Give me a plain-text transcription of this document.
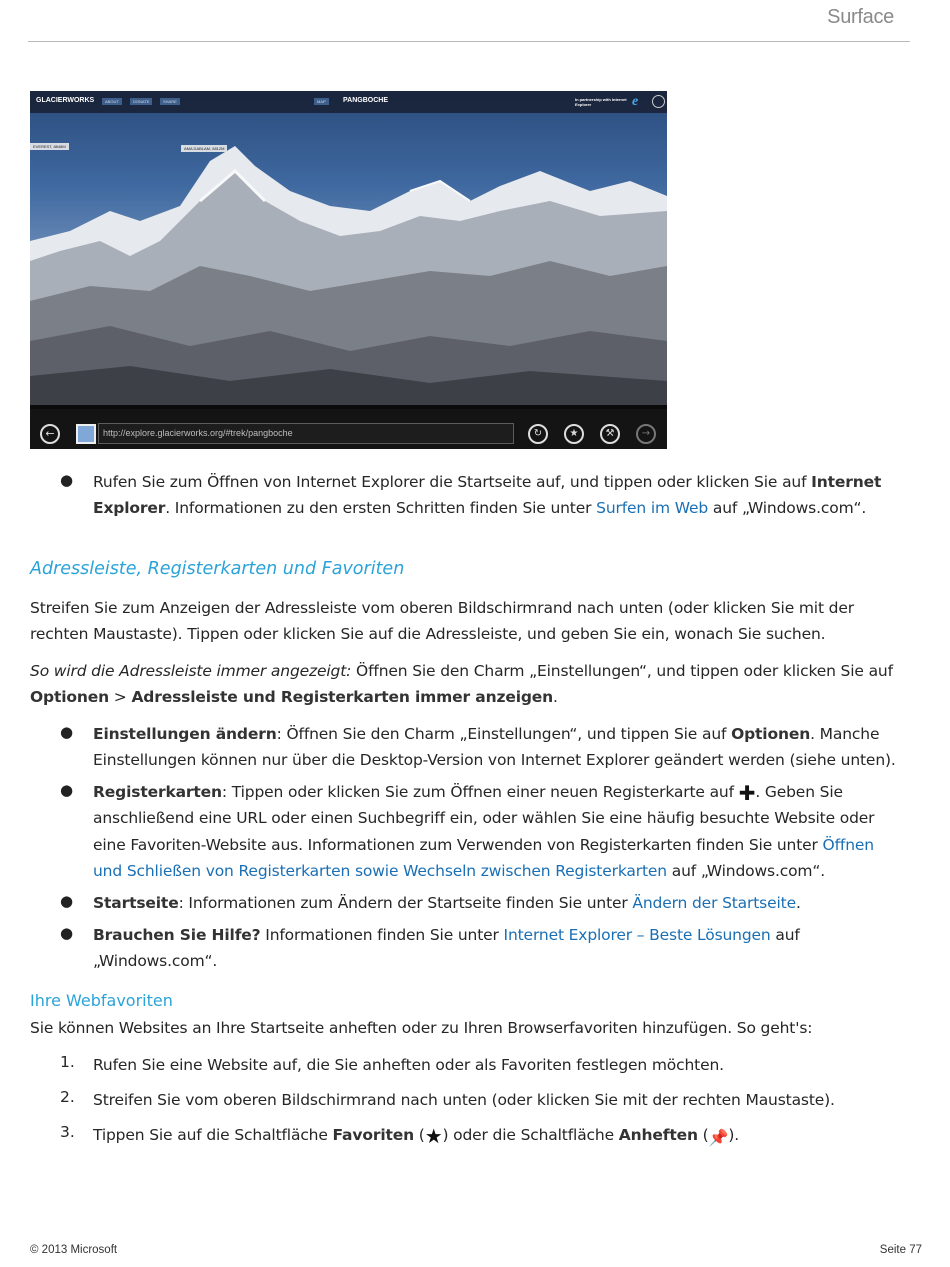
Surface
GLACIERWORKS	ABOUT	DONATE	SHARE	MAP	PANGBOCHE	In partnership with Internet Explorer	e
EVEREST, 8848M	AMA DABLAM, 6812M
←	http://explore.glacierworks.org/#trek/pangboche	↻	★	⚒	→
● Rufen Sie zum Öffnen von Internet Explorer die Startseite auf, und tippen oder klicken Sie auf Internet
Explorer. Informationen zu den ersten Schritten finden Sie unter Surfen im Web auf „Windows.com“.
Adressleiste, Registerkarten und Favoriten
Streifen Sie zum Anzeigen der Adressleiste vom oberen Bildschirmrand nach unten (oder klicken Sie mit der
rechten Maustaste). Tippen oder klicken Sie auf die Adressleiste, und geben Sie ein, wonach Sie suchen.
So wird die Adressleiste immer angezeigt: Öffnen Sie den Charm „Einstellungen“, und tippen oder klicken Sie auf
Optionen > Adressleiste und Registerkarten immer anzeigen.
● Einstellungen ändern: Öffnen Sie den Charm „Einstellungen“, und tippen Sie auf Optionen. Manche
Einstellungen können nur über die Desktop-Version von Internet Explorer geändert werden (siehe unten).
● Registerkarten: Tippen oder klicken Sie zum Öffnen einer neuen Registerkarte auf ✚. Geben Sie
anschließend eine URL oder einen Suchbegriff ein, oder wählen Sie eine häufig besuchte Website oder
eine Favoriten-Website aus. Informationen zum Verwenden von Registerkarten finden Sie unter Öffnen
und Schließen von Registerkarten sowie Wechseln zwischen Registerkarten auf „Windows.com“.
● Startseite: Informationen zum Ändern der Startseite finden Sie unter Ändern der Startseite.
● Brauchen Sie Hilfe? Informationen finden Sie unter Internet Explorer – Beste Lösungen auf
„Windows.com“.
Ihre Webfavoriten
Sie können Websites an Ihre Startseite anheften oder zu Ihren Browserfavoriten hinzufügen. So geht's:
1. Rufen Sie eine Website auf, die Sie anheften oder als Favoriten festlegen möchten.
2. Streifen Sie vom oberen Bildschirmrand nach unten (oder klicken Sie mit der rechten Maustaste).
3. Tippen Sie auf die Schaltfläche Favoriten (★) oder die Schaltfläche Anheften (📌).
© 2013 Microsoft	Seite 77
